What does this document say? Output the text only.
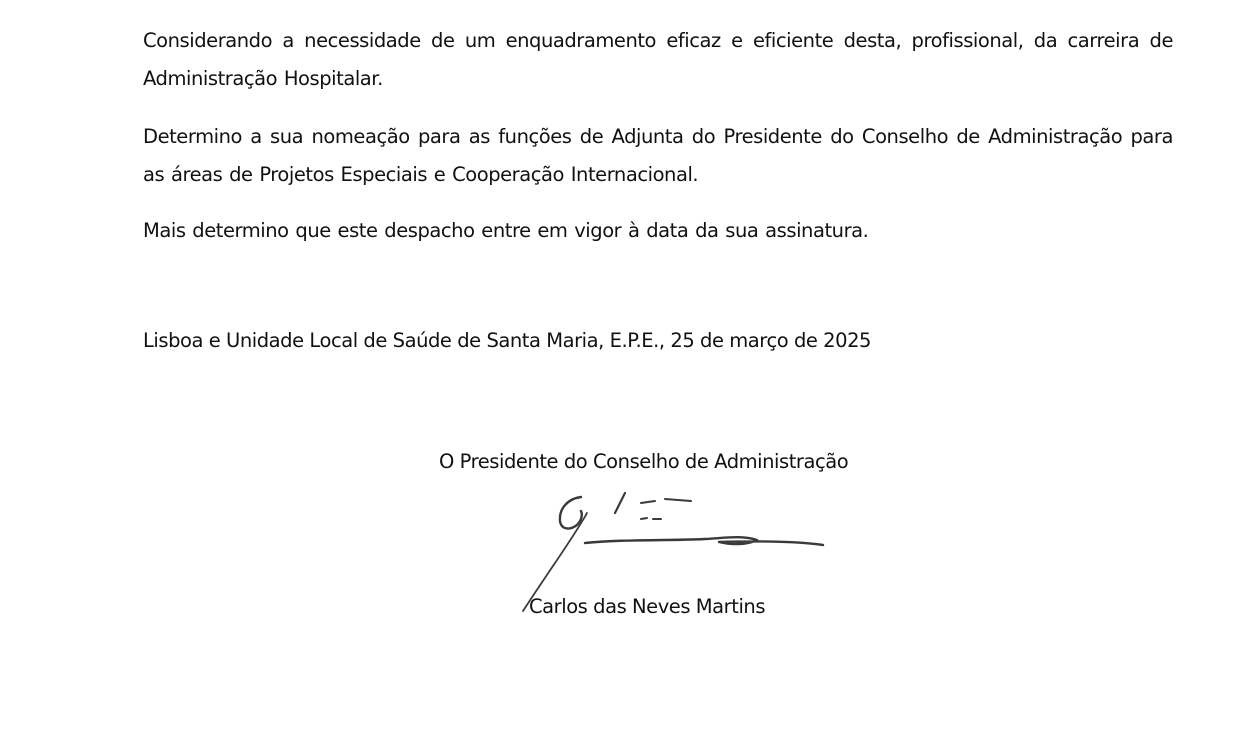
Considerando a necessidade de um enquadramento eficaz e eficiente desta, profissional, da carreira de Administração Hospitalar.

Determino a sua nomeação para as funções de Adjunta do Presidente do Conselho de Administração para as áreas de Projetos Especiais e Cooperação Internacional.

Mais determino que este despacho entre em vigor à data da sua assinatura.

Lisboa e Unidade Local de Saúde de Santa Maria, E.P.E., 25 de março de 2025

O Presidente do Conselho de Administração

Carlos das Neves Martins
